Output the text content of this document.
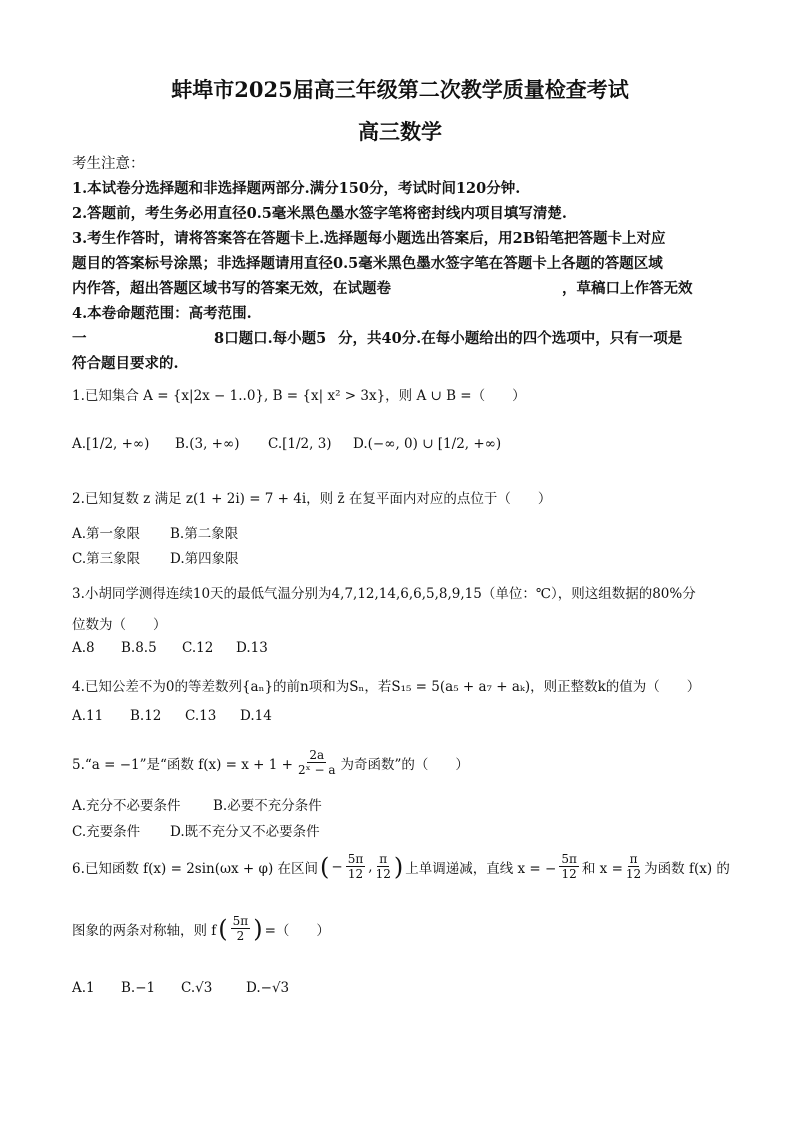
蚌埠市2025届高三年级第二次教学质量检查考试
高三数学
考生注意：
1.本试卷分选择题和非选择题两部分.满分150分，考试时间120分钟.
2.答题前，考生务必用直径0.5毫米黑色墨水签字笔将密封线内项目填写清楚.
3.考生作答时，请将答案答在答题卡上.选择题每小题选出答案后，用2B铅笔把答题卡上对应
题目的答案标号涂黑；非选择题请用直径0.5毫米黑色墨水签字笔在答题卡上各题的答题区域
内作答，超出答题区域书写的答案无效，在试题卷	，草稿口上作答无效
4.本卷命题范围：高考范围.
一	8口题口.每小题5 分，共40分.在每小题给出的四个选项中，只有一项是
符合题目要求的.
1.已知集合 A = {x|2x − 1..0}, B = {x| x² > 3x}，则 A ∪ B =（　　）
A.[1/2, +∞) B.(3, +∞) C.[1/2, 3) D.(−∞, 0) ∪ [1/2, +∞)
2.已知复数 z 满足 z(1 + 2i) = 7 + 4i，则 z̄ 在复平面内对应的点位于（　　）
A.第一象限 B.第二象限
C.第三象限 D.第四象限
3.小胡同学测得连续10天的最低气温分别为4,7,12,14,6,6,5,8,9,15（单位：℃），则这组数据的80%分
位数为（　　）
A.8 B.8.5 C.12 D.13
4.已知公差不为0的等差数列{aₙ}的前n项和为Sₙ，若S₁₅ = 5(a₅ + a₇ + aₖ)，则正整数k的值为（　　）
A.11 B.12 C.13 D.14
5.“a = −1”是“函数 $f(x) = x + 1 + \frac{2a}{\text{2ˣ − a}}$ 为奇函数”的（　　）
A.充分不必要条件 B.必要不充分条件
C.充要条件 D.既不充分又不必要条件
6.已知函数 f(x) = 2sin(ωx + φ) 在区间 ( − $\frac{5\pi}{12}$ , $\frac{\pi}{12}$ ) 上单调递减，直线 x = − $\frac{5\pi}{12}$ 和 $x = \frac{\pi}{12}$ 为函数 f(x) 的
图象的两条对称轴，则 f ( $\frac{5\pi}{2}$ ) =（　　）
A.1 B.−1 C.√3 D.−√3
